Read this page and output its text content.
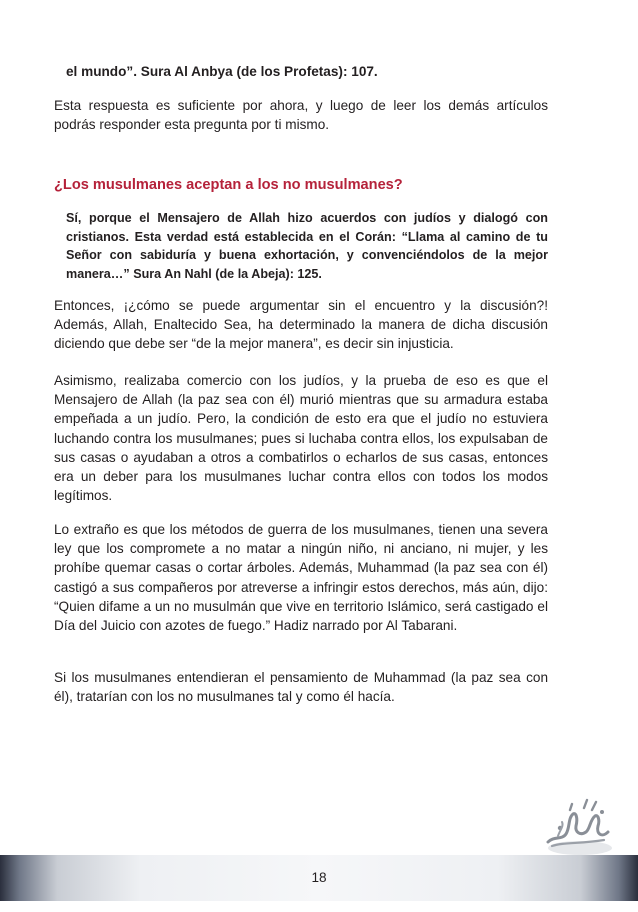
el mundo”. Sura Al Anbya (de los Profetas): 107.

Esta respuesta es suficiente por ahora, y luego de leer los demás artículos podrás responder esta pregunta por ti mismo.

¿Los musulmanes aceptan a los no musulmanes?

Sí, porque el Mensajero de Allah hizo acuerdos con judíos y dialogó con cristianos. Esta verdad está establecida en el Corán: “Llama al camino de tu Señor con sabiduría y buena exhortación, y convenciéndolos de la mejor manera…” Sura An Nahl (de la Abeja): 125.

Entonces, ¡¿cómo se puede argumentar sin el encuentro y la discusión?! Además, Allah, Enaltecido Sea, ha determinado la manera de dicha discusión diciendo que debe ser “de la mejor manera”, es decir sin injusticia.

Asimismo, realizaba comercio con los judíos, y la prueba de eso es que el Mensajero de Allah (la paz sea con él) murió mientras que su armadura estaba empeñada a un judío. Pero, la condición de esto era que el judío no estuviera luchando contra los musulmanes; pues si luchaba contra ellos, los expulsaban de sus casas o ayudaban a otros a combatirlos o echarlos de sus casas, entonces era un deber para los musulmanes luchar contra ellos con todos los modos legítimos.

Lo extraño es que los métodos de guerra de los musulmanes, tienen una severa ley que los compromete a no matar a ningún niño, ni anciano, ni mujer, y les prohíbe quemar casas o cortar árboles. Además, Muhammad (la paz sea con él) castigó a sus compañeros por atreverse a infringir estos derechos, más aún, dijo: “Quien difame a un no musulmán que vive en territorio Islámico, será castigado el Día del Juicio con azotes de fuego.” Hadiz narrado por Al Tabarani.

Si los musulmanes entendieran el pensamiento de Muhammad (la paz sea con él), tratarían con los no musulmanes tal y como él hacía.

18
